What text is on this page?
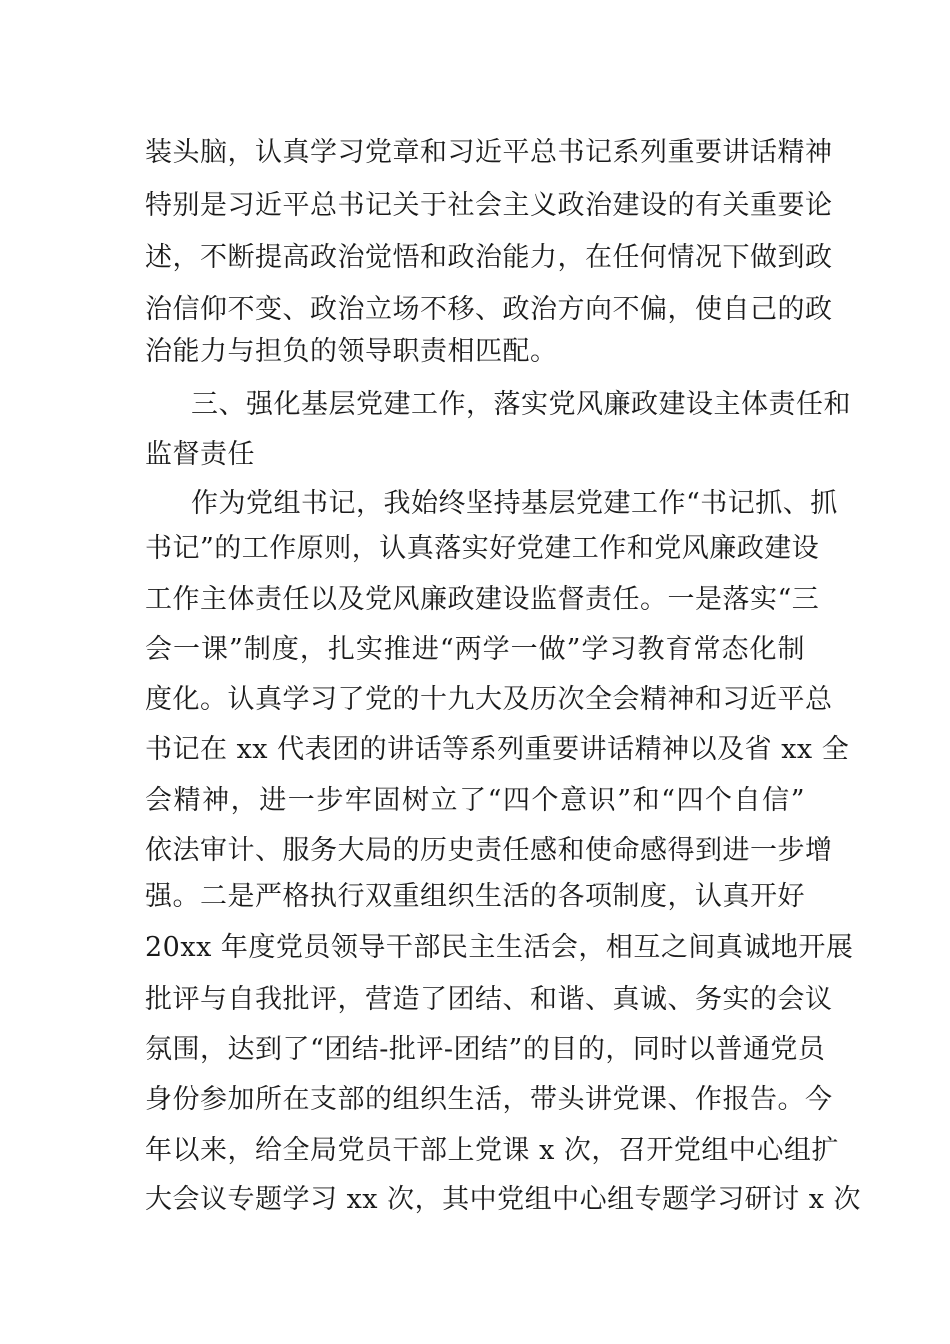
装头脑，认真学习党章和习近平总书记系列重要讲话精神
特别是习近平总书记关于社会主义政治建设的有关重要论
述，不断提高政治觉悟和政治能力，在任何情况下做到政
治信仰不变、政治立场不移、政治方向不偏，使自己的政
治能力与担负的领导职责相匹配。
三、强化基层党建工作，落实党风廉政建设主体责任和
监督责任
作为党组书记，我始终坚持基层党建工作“书记抓、抓
书记”的工作原则，认真落实好党建工作和党风廉政建设
工作主体责任以及党风廉政建设监督责任。一是落实“三
会一课”制度，扎实推进“两学一做”学习教育常态化制
度化。认真学习了党的十九大及历次全会精神和习近平总
书记在 xx 代表团的讲话等系列重要讲话精神以及省 xx 全
会精神，进一步牢固树立了“四个意识”和“四个自信”
依法审计、服务大局的历史责任感和使命感得到进一步增
强。二是严格执行双重组织生活的各项制度，认真开好
20xx 年度党员领导干部民主生活会，相互之间真诚地开展
批评与自我批评，营造了团结、和谐、真诚、务实的会议
氛围，达到了“团结-批评-团结”的目的，同时以普通党员
身份参加所在支部的组织生活，带头讲党课、作报告。今
年以来，给全局党员干部上党课 x 次，召开党组中心组扩
大会议专题学习 xx 次，其中党组中心组专题学习研讨 x 次
